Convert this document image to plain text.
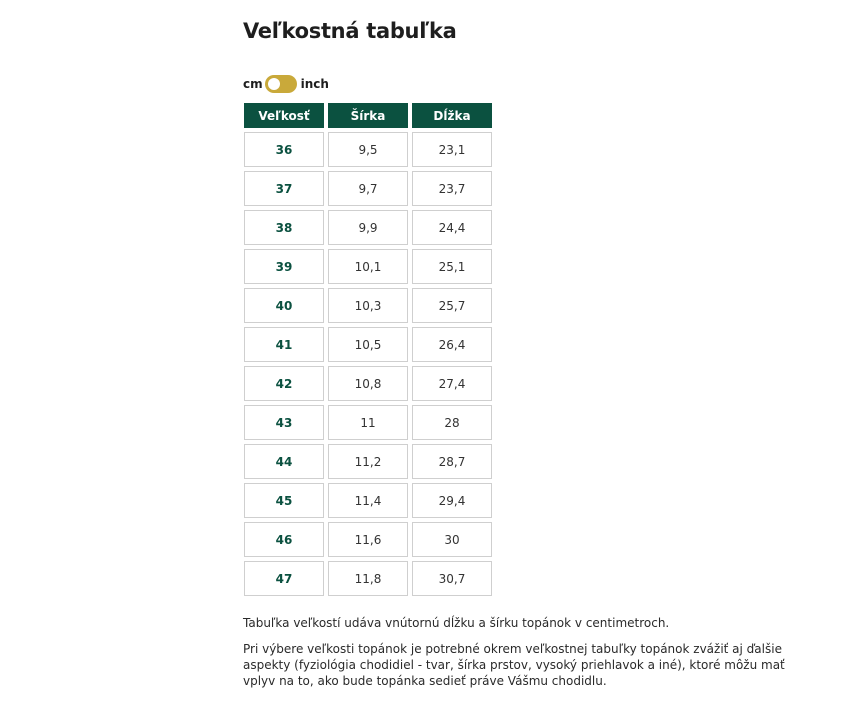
Veľkostná tabuľka
cm	inch
Veľkosť	Šírka	Dĺžka
36	9,5	23,1
37	9,7	23,7
38	9,9	24,4
39	10,1	25,1
40	10,3	25,7
41	10,5	26,4
42	10,8	27,4
43	11	28
44	11,2	28,7
45	11,4	29,4
46	11,6	30
47	11,8	30,7

Tabuľka veľkostí udáva vnútornú dĺžku a šírku topánok v centimetroch.

Pri výbere veľkosti topánok je potrebné okrem veľkostnej tabuľky topánok zvážiť aj ďalšie aspekty (fyziológia chodidiel - tvar, šírka prstov, vysoký priehlavok a iné), ktoré môžu mať vplyv na to, ako bude topánka sedieť práve Vášmu chodidlu.
